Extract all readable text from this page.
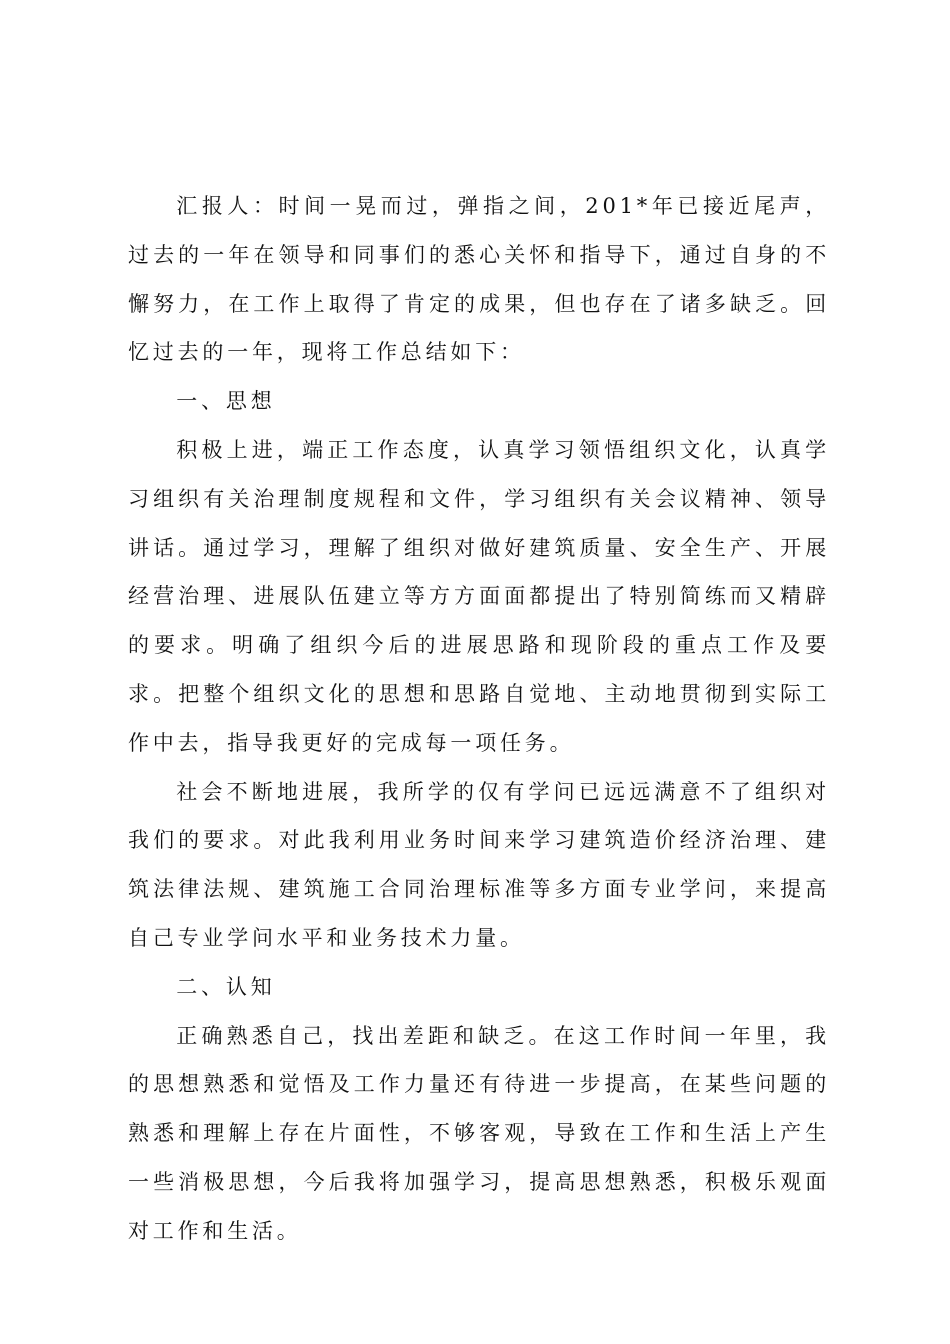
汇报人：时间一晃而过，弹指之间，201*年已接近尾声，过去的一年在领导和同事们的悉心关怀和指导下，通过自身的不懈努力，在工作上取得了肯定的成果，但也存在了诸多缺乏。回忆过去的一年，现将工作总结如下：

一、思想

积极上进，端正工作态度，认真学习领悟组织文化，认真学习组织有关治理制度规程和文件，学习组织有关会议精神、领导讲话。通过学习，理解了组织对做好建筑质量、安全生产、开展经营治理、进展队伍建立等方方面面都提出了特别简练而又精辟的要求。明确了组织今后的进展思路和现阶段的重点工作及要求。把整个组织文化的思想和思路自觉地、主动地贯彻到实际工作中去，指导我更好的完成每一项任务。

社会不断地进展，我所学的仅有学问已远远满意不了组织对我们的要求。对此我利用业务时间来学习建筑造价经济治理、建筑法律法规、建筑施工合同治理标准等多方面专业学问，来提高自己专业学问水平和业务技术力量。

二、认知

正确熟悉自己，找出差距和缺乏。在这工作时间一年里，我的思想熟悉和觉悟及工作力量还有待进一步提高，在某些问题的熟悉和理解上存在片面性，不够客观，导致在工作和生活上产生一些消极思想，今后我将加强学习，提高思想熟悉，积极乐观面对工作和生活。
